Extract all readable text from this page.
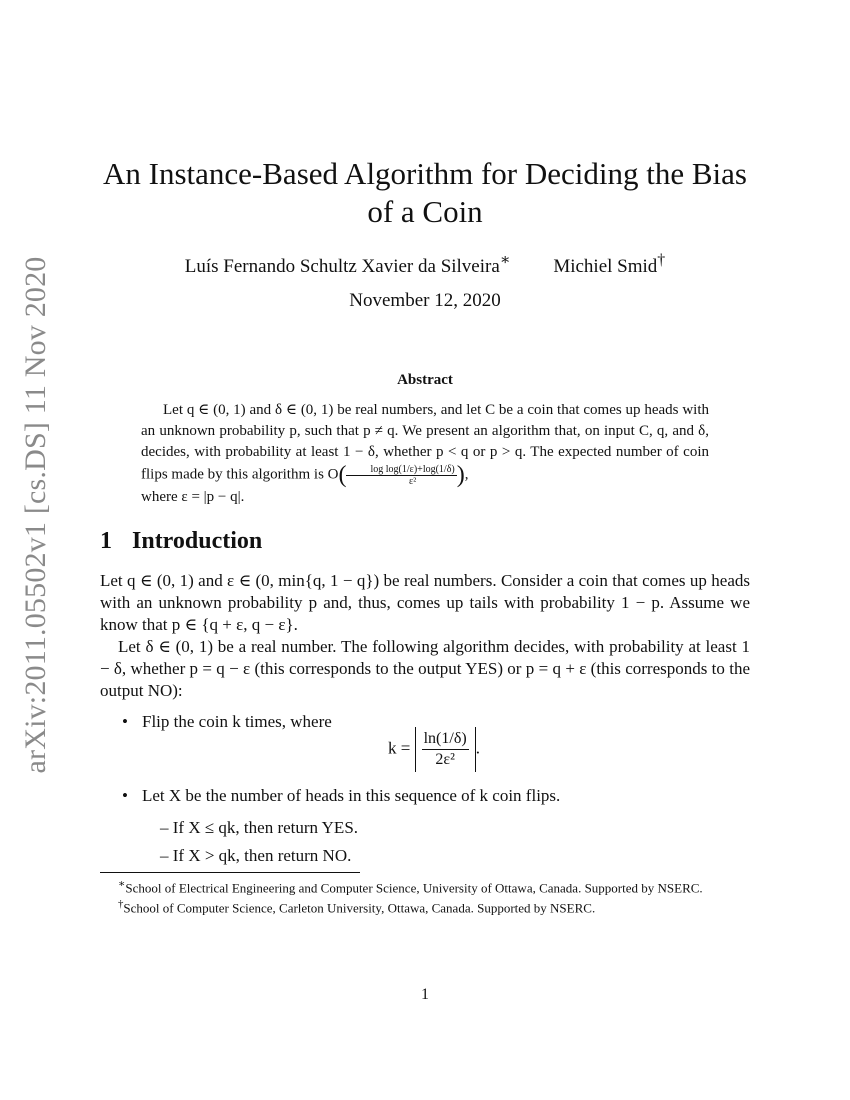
arXiv:2011.05502v1 [cs.DS] 11 Nov 2020
An Instance-Based Algorithm for Deciding the Bias of a Coin
Luís Fernando Schultz Xavier da Silveira∗ Michiel Smid†
November 12, 2020
Abstract

Let q ∈ (0, 1) and δ ∈ (0, 1) be real numbers, and let C be a coin that comes up heads with an unknown probability p, such that p ≠ q. We present an algorithm that, on input C, q, and δ, decides, with probability at least 1 − δ, whether p < q or p > q. The expected number of coin flips made by this algorithm is $O( \frac{\text{log log(1/ε)+log(1/δ)}}{\text{ε²}}$ ),

where ε = |p − q|.

1 Introduction

Let q ∈ (0, 1) and ε ∈ (0, min{q, 1 − q}) be real numbers. Consider a coin that comes up heads with an unknown probability p and, thus, comes up tails with probability 1 − p. Assume we know that p ∈ {q + ε, q − ε}.

Let δ ∈ (0, 1) be a real number. The following algorithm decides, with probability at least 1 − δ, whether p = q − ε (this corresponds to the output YES) or p = q + ε (this corresponds to the output NO):

• Flip the coin k times, where
$k = \frac{\ln(1/\delta)}{\text{2ε²}}$ .
• Let X be the number of heads in this sequence of k coin flips.
– If X ≤ qk, then return YES.
– If X > qk, then return NO.

∗School of Electrical Engineering and Computer Science, University of Ottawa, Canada. Supported by NSERC.

†School of Computer Science, Carleton University, Ottawa, Canada. Supported by NSERC.

1
